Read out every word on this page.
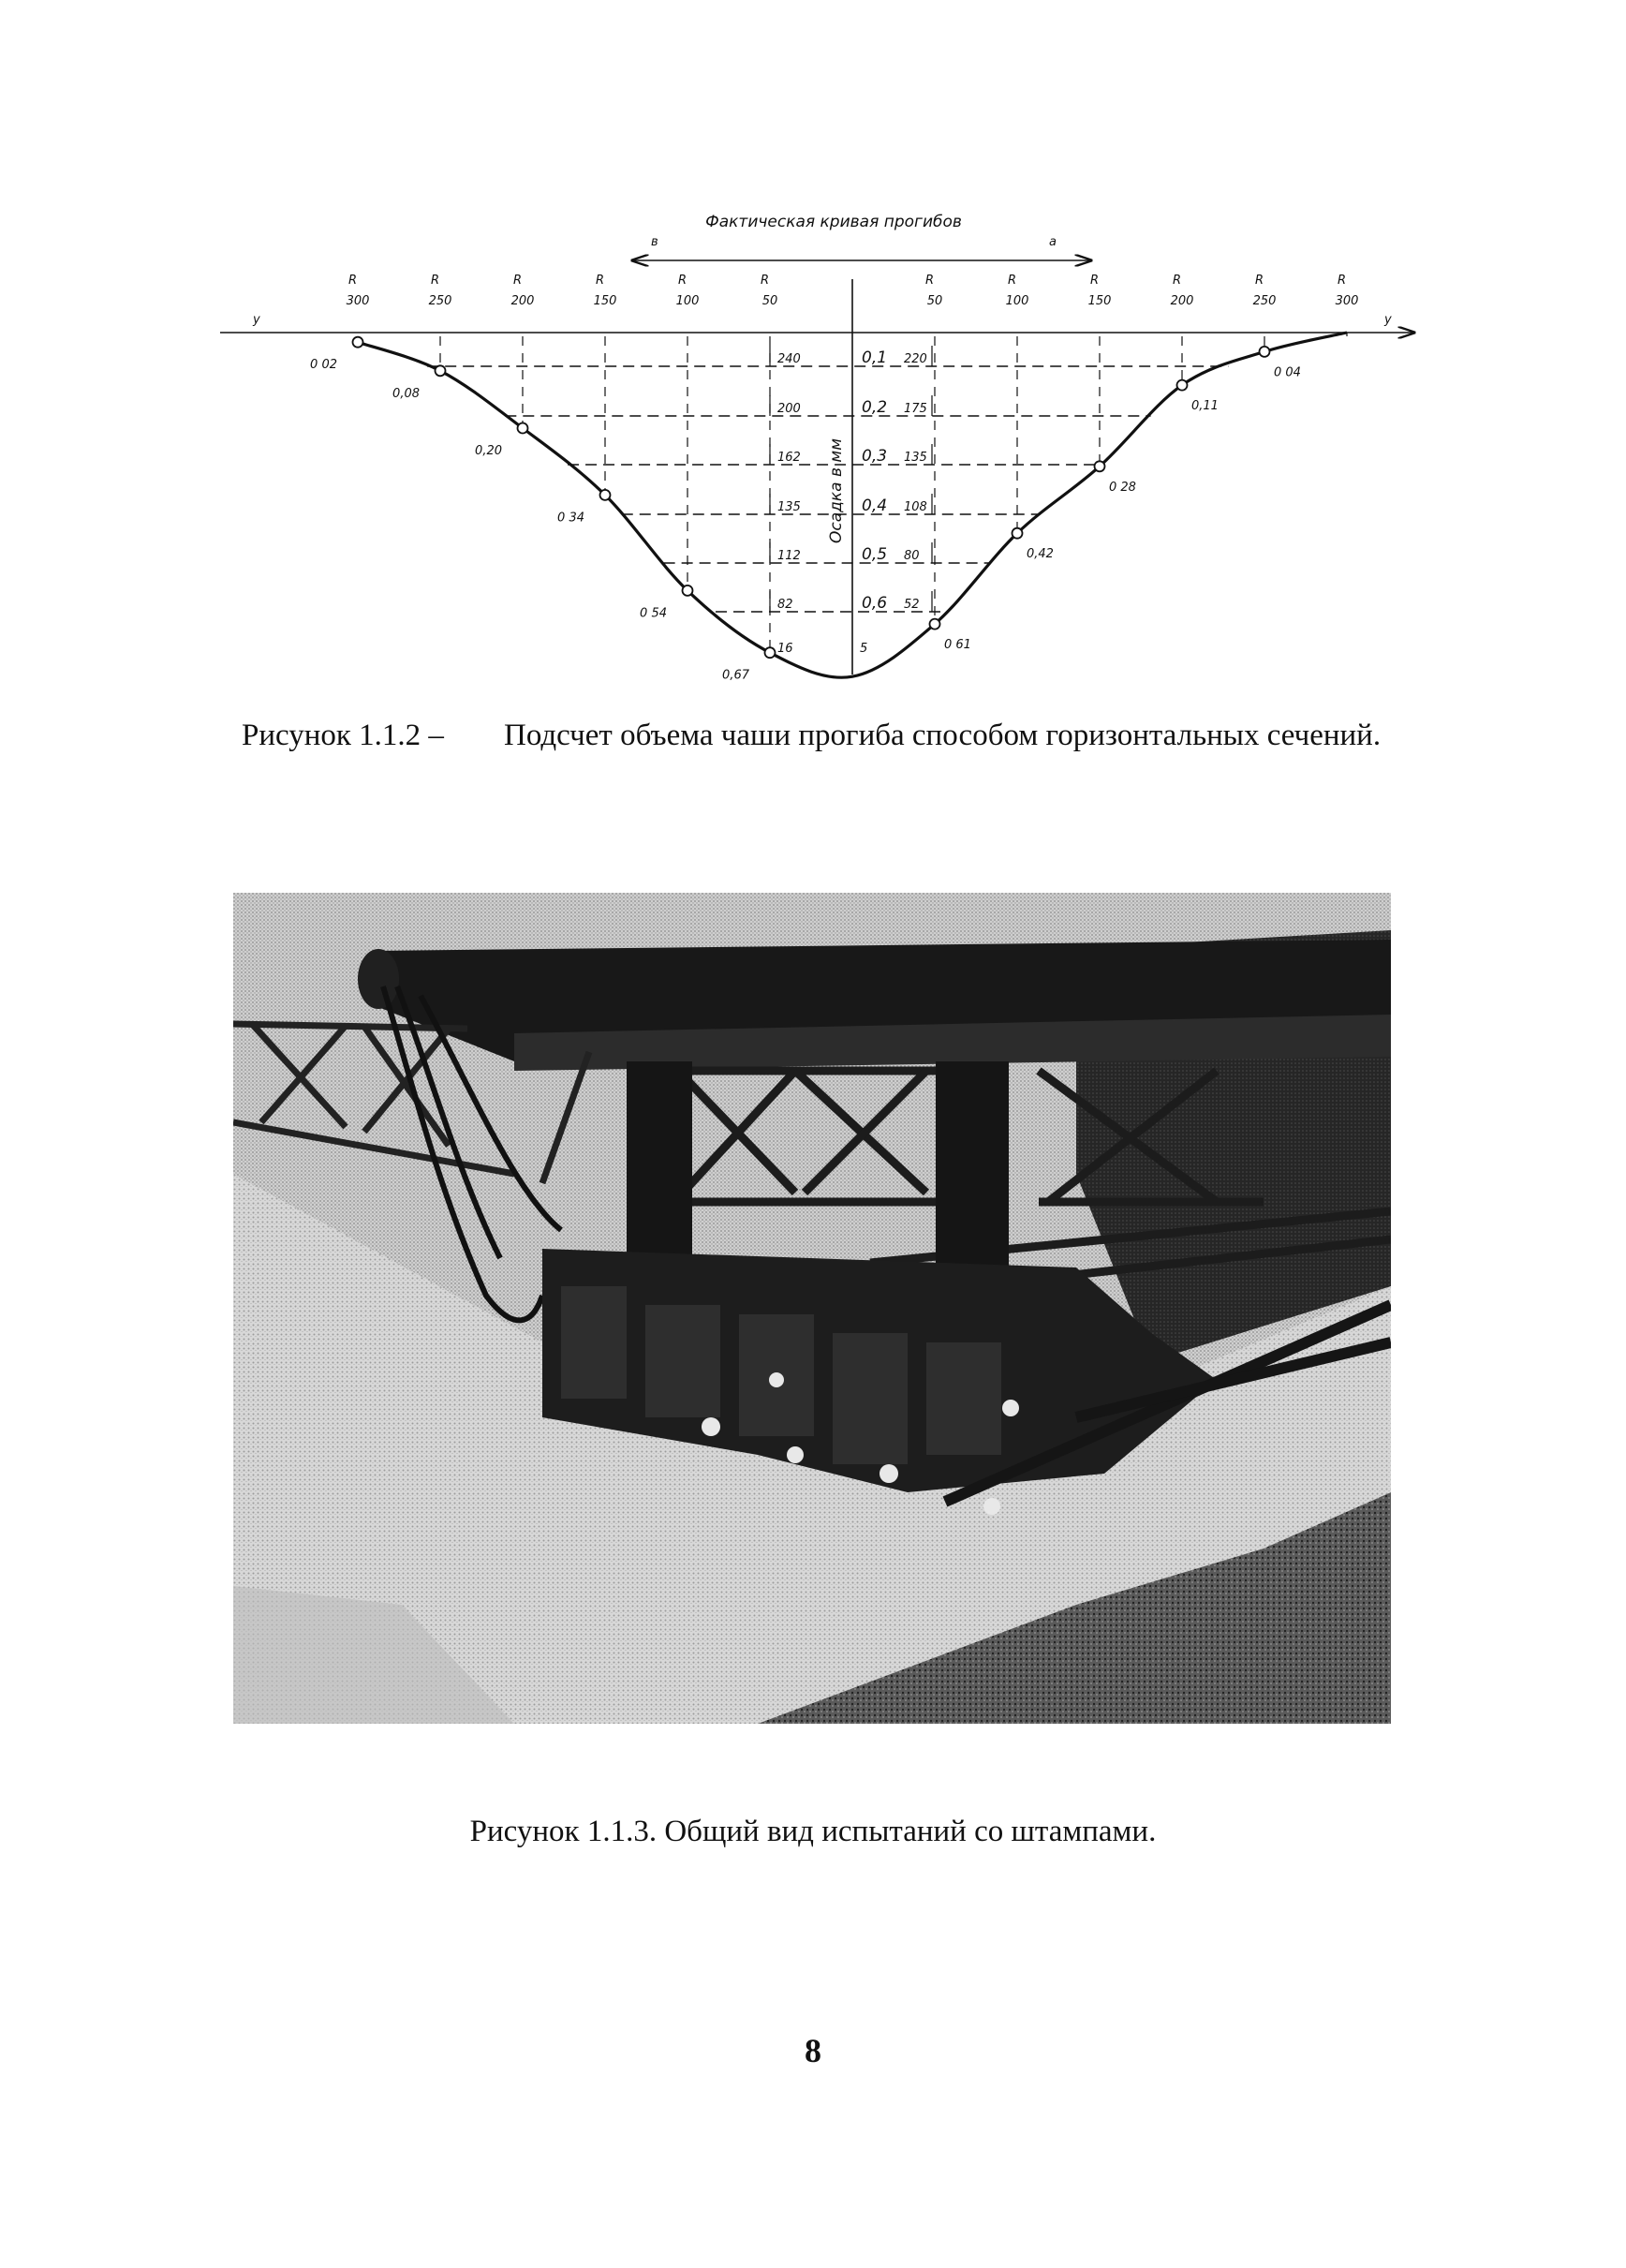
Фактическая кривая прогибов
в	а
у	у
R
300
R
250
R
200
R
150
R
100
R
50
R
50
R
100
R
150
R
200
R
250
R
300
0 02
0,08
0,20
0 34
0 54
0,67
0 61
0,42
0 28
0,11
0 04
0,1
0,2
0,3
0,4
0,5
0,6
240
200
162
135
112
82
16
220
175
135
108
80
52
5
Осадка в мм
Рисунок 1.1.2 – Подсчет объема чаши прогиба способом горизонтальных сечений.

Рисунок 1.1.3. Общий вид испытаний со штампами.

8
